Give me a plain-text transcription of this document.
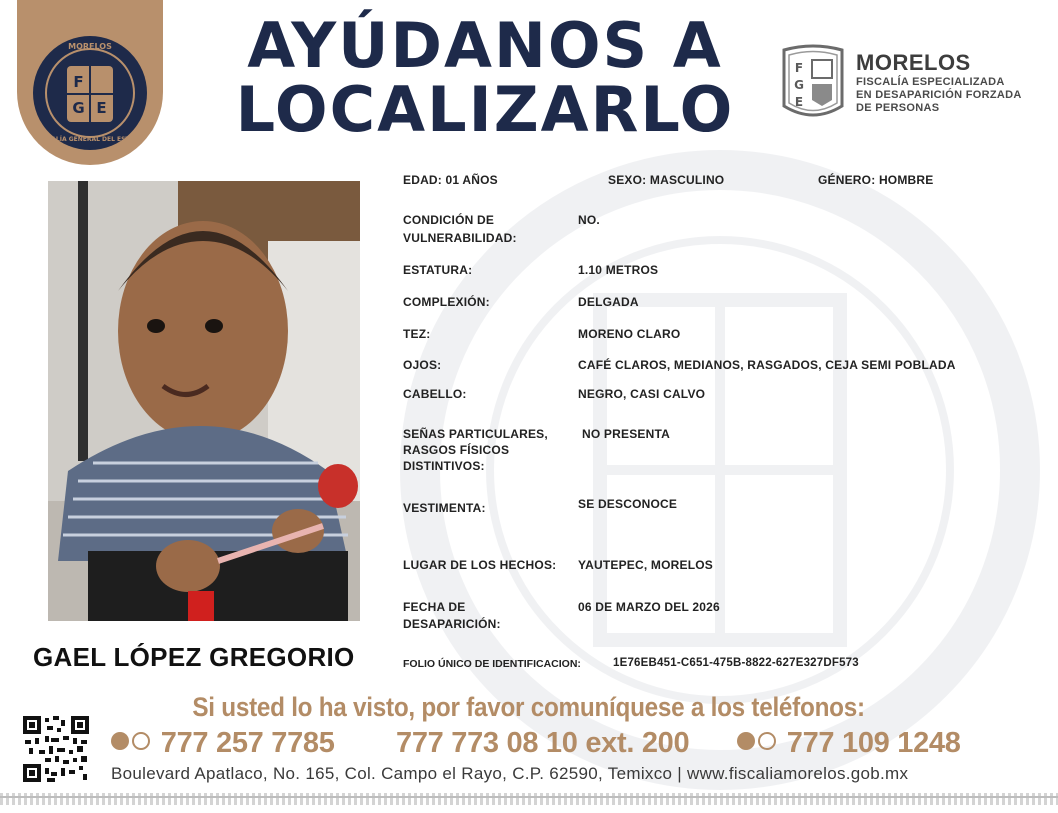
F
G E
MORELOS
FISCALÍA GENERAL DEL ESTADO
AYÚDANOS A
LOCALIZARLO
F
G
E
MORELOS
FISCALÍA ESPECIALIZADA
EN DESAPARICIÓN FORZADA
DE PERSONAS
GAEL LÓPEZ GREGORIO
EDAD: 01 AÑOS	SEXO: MASCULINO	GÉNERO: HOMBRE
CONDICIÓN DE
VULNERABILIDAD:
NO.
ESTATURA:	1.10 METROS
COMPLEXIÓN:	DELGADA
TEZ:	MORENO CLARO
OJOS:	CAFÉ CLAROS, MEDIANOS, RASGADOS, CEJA SEMI POBLADA
CABELLO:	NEGRO, CASI CALVO
SEÑAS PARTICULARES,
RASGOS FÍSICOS
DISTINTIVOS:
NO PRESENTA
VESTIMENTA:	SE DESCONOCE
LUGAR DE LOS HECHOS: YAUTEPEC, MORELOS
FECHA DE
DESAPARICIÓN:
06 DE MARZO DEL 2026
FOLIO ÚNICO DE IDENTIFICACION:	1E76EB451-C651-475B-8822-627E327DF573
Si usted lo ha visto, por favor comuníquese a los teléfonos:
777 257 7785 777 773 08 10 ext. 200	777 109 1248
Boulevard Apatlaco, No. 165, Col. Campo el Rayo, C.P. 62590, Temixco | www.fiscaliamorelos.gob.mx
